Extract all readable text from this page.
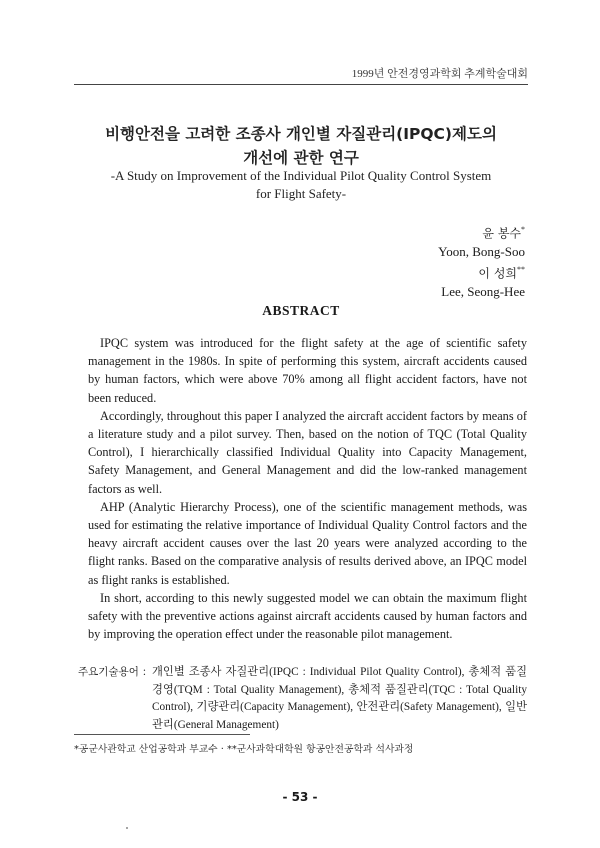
1999년 안전경영과학회 추계학술대회
비행안전을 고려한 조종사 개인별 자질관리(IPQC)제도의
개선에 관한 연구
-A Study on Improvement of the Individual Pilot Quality Control System
for Flight Safety-
윤 봉수*
Yoon, Bong-Soo
이 성희**
Lee, Seong-Hee
ABSTRACT

IPQC system was introduced for the flight safety at the age of scientific safety management in the 1980s. In spite of performing this system, aircraft accidents caused by human factors, which were above 70% among all flight accident factors, have not been reduced.

Accordingly, throughout this paper I analyzed the aircraft accident factors by means of a literature study and a pilot survey. Then, based on the notion of TQC (Total Quality Control), I hierarchically classified Individual Quality into Capacity Management, Safety Management, and General Management and did the low-ranked management factors as well.

AHP (Analytic Hierarchy Process), one of the scientific management methods, was used for estimating the relative importance of Individual Quality Control factors and the heavy aircraft accident causes over the last 20 years were analyzed according to the flight ranks. Based on the comparative analysis of results derived above, an IPQC model as flight ranks is established.

In short, according to this newly suggested model we can obtain the maximum flight safety with the preventive actions against aircraft accidents caused by human factors and by improving the operation effect under the reasonable pilot management.

주요기술용어 : 개인별 조종사 자질관리(IPQC : Individual Pilot Quality Control), 총체적 품질경영(TQM : Total Quality Management), 총체적 품질관리(TQC : Total Quality Control), 기량관리(Capacity Management), 안전관리(Safety Management), 일반관리(General Management)
*공군사관학교 산업공학과 부교수 · **군사과학대학원 항공안전공학과 석사과정
- 53 -
